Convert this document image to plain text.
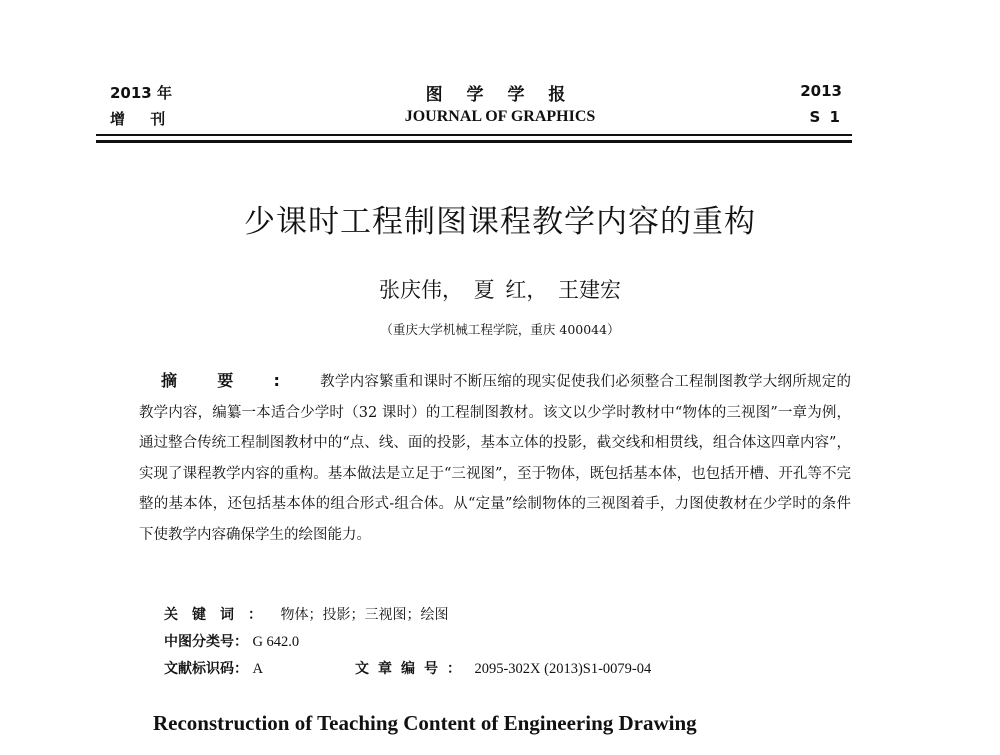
2013 年
增 刊
图 学 学 报
JOURNAL OF GRAPHICS
2013
S 1
少课时工程制图课程教学内容的重构
张庆伟， 夏 红， 王建宏
（重庆大学机械工程学院，重庆 400044）
摘要:教学内容繁重和课时不断压缩的现实促使我们必须整合工程制图教学大纲所规定的教学内容，编纂一本适合少学时（32 课时）的工程制图教材。该文以少学时教材中“物体的三视图”一章为例，通过整合传统工程制图教材中的“点、线、面的投影，基本立体的投影，截交线和相贯线，组合体这四章内容”，实现了课程教学内容的重构。基本做法是立足于“三视图”，至于物体，既包括基本体，也包括开槽、开孔等不完整的基本体，还包括基本体的组合形式-组合体。从“定量”绘制物体的三视图着手，力图使教材在少学时的条件下使教学内容确保学生的绘图能力。
关键词： 物体；投影；三视图；绘图
中图分类号： G 642.0
文献标识码： A	文章编号： 2095-302X (2013)S1-0079-04
Reconstruction of Teaching Content of Engineering Drawing
